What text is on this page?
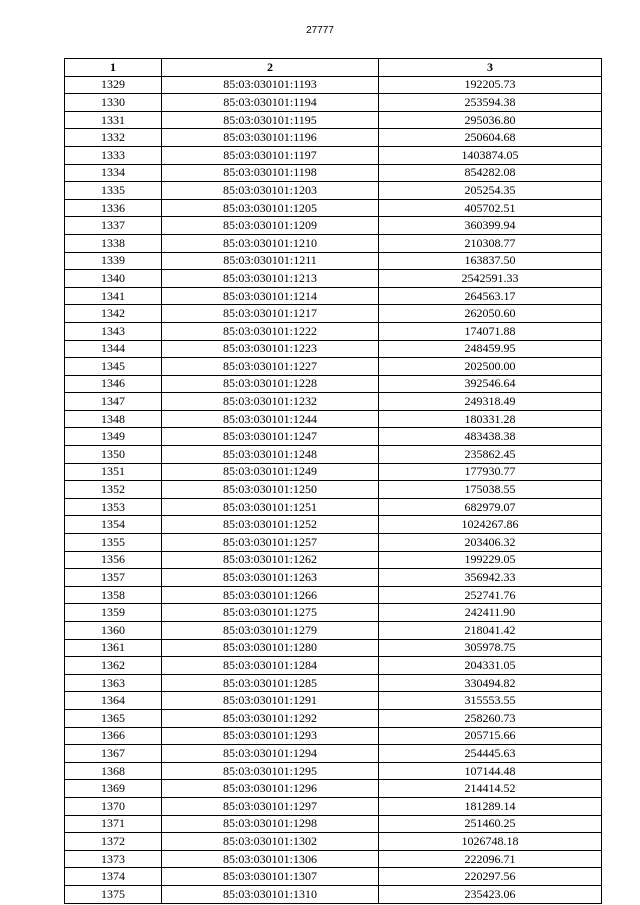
27777
1	2	3
1329	85:03:030101:1193	192205.73
1330	85:03:030101:1194	253594.38
1331	85:03:030101:1195	295036.80
1332	85:03:030101:1196	250604.68
1333	85:03:030101:1197	1403874.05
1334	85:03:030101:1198	854282.08
1335	85:03:030101:1203	205254.35
1336	85:03:030101:1205	405702.51
1337	85:03:030101:1209	360399.94
1338	85:03:030101:1210	210308.77
1339	85:03:030101:1211	163837.50
1340	85:03:030101:1213	2542591.33
1341	85:03:030101:1214	264563.17
1342	85:03:030101:1217	262050.60
1343	85:03:030101:1222	174071.88
1344	85:03:030101:1223	248459.95
1345	85:03:030101:1227	202500.00
1346	85:03:030101:1228	392546.64
1347	85:03:030101:1232	249318.49
1348	85:03:030101:1244	180331.28
1349	85:03:030101:1247	483438.38
1350	85:03:030101:1248	235862.45
1351	85:03:030101:1249	177930.77
1352	85:03:030101:1250	175038.55
1353	85:03:030101:1251	682979.07
1354	85:03:030101:1252	1024267.86
1355	85:03:030101:1257	203406.32
1356	85:03:030101:1262	199229.05
1357	85:03:030101:1263	356942.33
1358	85:03:030101:1266	252741.76
1359	85:03:030101:1275	242411.90
1360	85:03:030101:1279	218041.42
1361	85:03:030101:1280	305978.75
1362	85:03:030101:1284	204331.05
1363	85:03:030101:1285	330494.82
1364	85:03:030101:1291	315553.55
1365	85:03:030101:1292	258260.73
1366	85:03:030101:1293	205715.66
1367	85:03:030101:1294	254445.63
1368	85:03:030101:1295	107144.48
1369	85:03:030101:1296	214414.52
1370	85:03:030101:1297	181289.14
1371	85:03:030101:1298	251460.25
1372	85:03:030101:1302	1026748.18
1373	85:03:030101:1306	222096.71
1374	85:03:030101:1307	220297.56
1375	85:03:030101:1310	235423.06
